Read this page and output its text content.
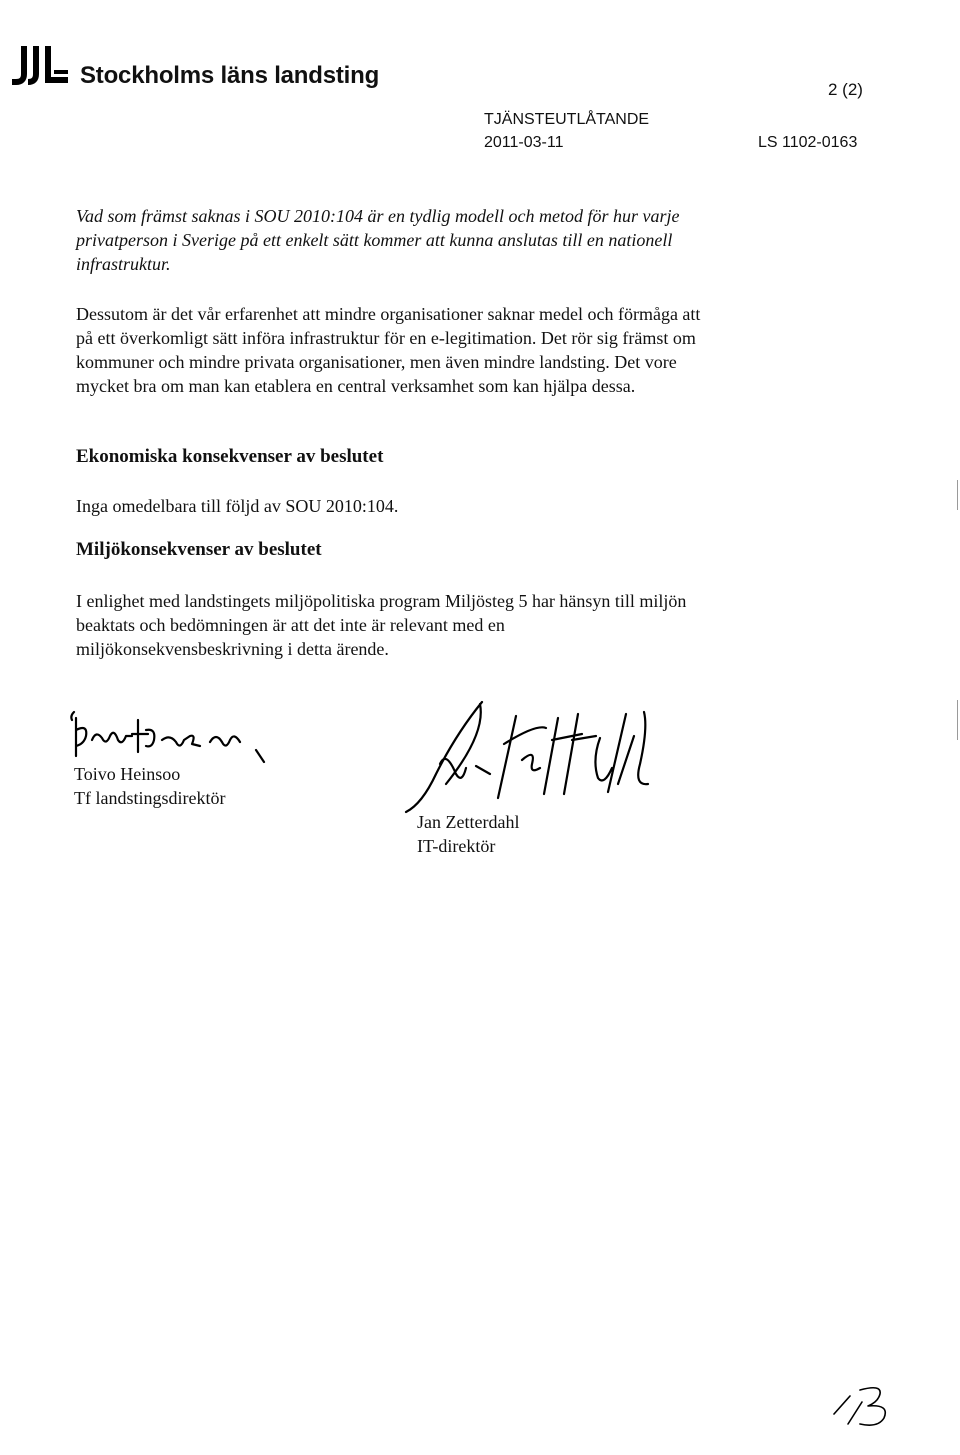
Stockholms läns landsting
2 (2)
TJÄNSTEUTLÅTANDE
2011-03-11	LS 1102-0163
Vad som främst saknas i SOU 2010:104 är en tydlig modell och metod för hur varje privatperson i Sverige på ett enkelt sätt kommer att kunna anslutas till en nationell infrastruktur.
Dessutom är det vår erfarenhet att mindre organisationer saknar medel och förmåga att på ett överkomligt sätt införa infrastruktur för en e-legitimation. Det rör sig främst om kommuner och mindre privata organisationer, men även mindre landsting. Det vore mycket bra om man kan etablera en central verksamhet som kan hjälpa dessa.
Ekonomiska konsekvenser av beslutet
Inga omedelbara till följd av SOU 2010:104.
Miljökonsekvenser av beslutet
I enlighet med landstingets miljöpolitiska program Miljösteg 5 har hänsyn till miljön beaktats och bedömningen är att det inte är relevant med en miljökonsekvensbeskrivning i detta ärende.
Toivo Heinsoo
Tf landstingsdirektör
Jan Zetterdahl
IT-direktör
